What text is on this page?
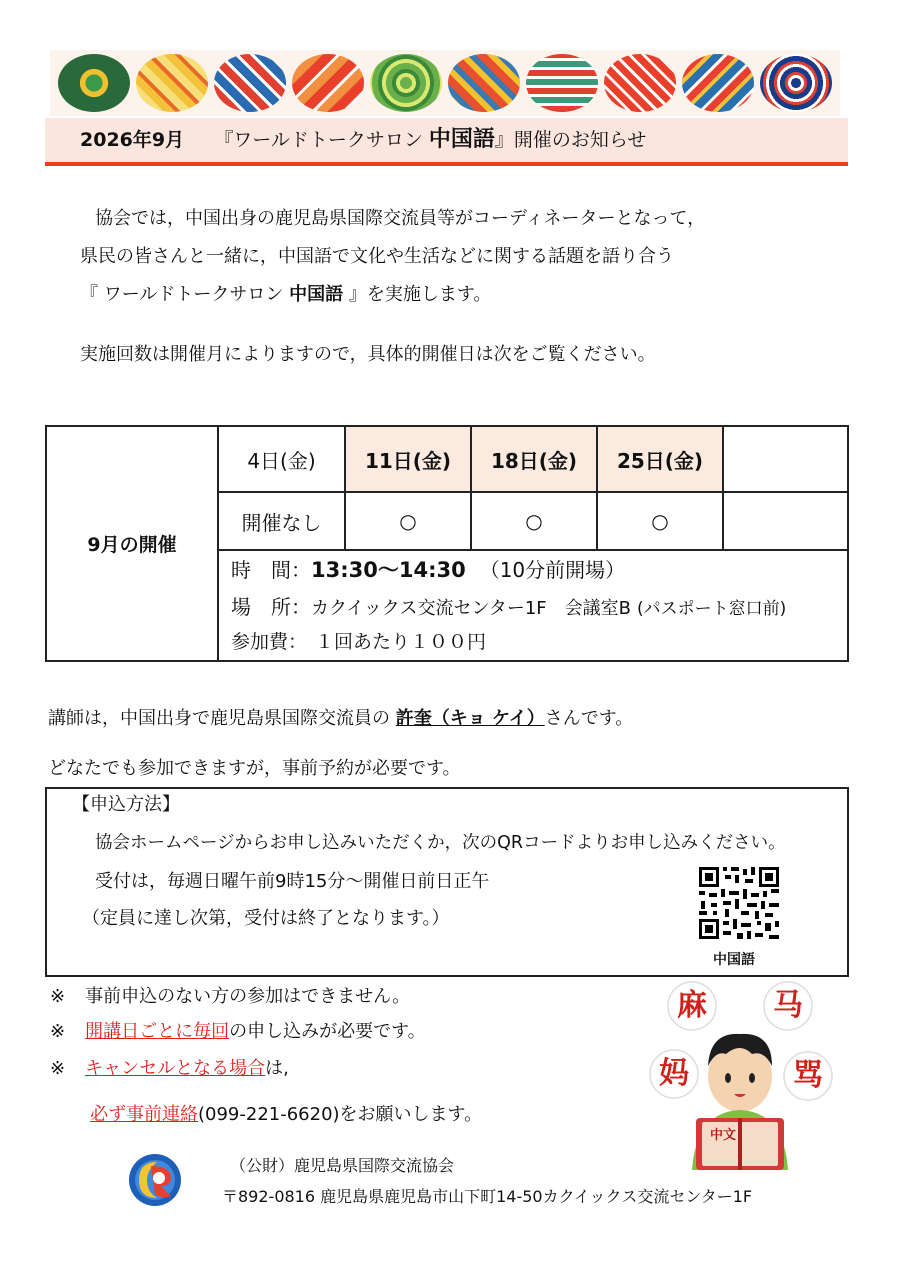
2026年9月 『ワールドトークサロン 中国語』開催のお知らせ
協会では，中国出身の鹿児島県国際交流員等がコーディネーターとなって，
県民の皆さんと一緒に，中国語で文化や生活などに関する話題を語り合う
『 ワールドトークサロン 中国語 』を実施します。
実施回数は開催月によりますので，具体的開催日は次をご覧ください。
9月の開催
4日(金)	11日(金)	18日(金)	25日(金)
開催なし	○	○	○
時　間：13:30～14:30 （10分前開場）
場　所：カクイックス交流センター1F　会議室B (パスポート窓口前)
参加費： １回あたり１００円
講師は，中国出身で鹿児島県国際交流員の 許奎（キョ ケイ）さんです。
どなたでも参加できますが，事前予約が必要です。
【申込方法】
協会ホームページからお申し込みいただくか，次のQRコードよりお申し込みください。
受付は，毎週日曜午前9時15分～開催日前日正午
（定員に達し次第，受付は終了となります。）
中国語
※ 事前申込のない方の参加はできません。
※ 開講日ごとに毎回の申し込みが必要です。
※ キャンセルとなる場合は,
必ず事前連絡(099-221-6620)をお願いします。
麻 马
妈	骂
中文
（公財）鹿児島県国際交流協会
〒892-0816 鹿児島県鹿児島市山下町14-50カクイックス交流センター1F
